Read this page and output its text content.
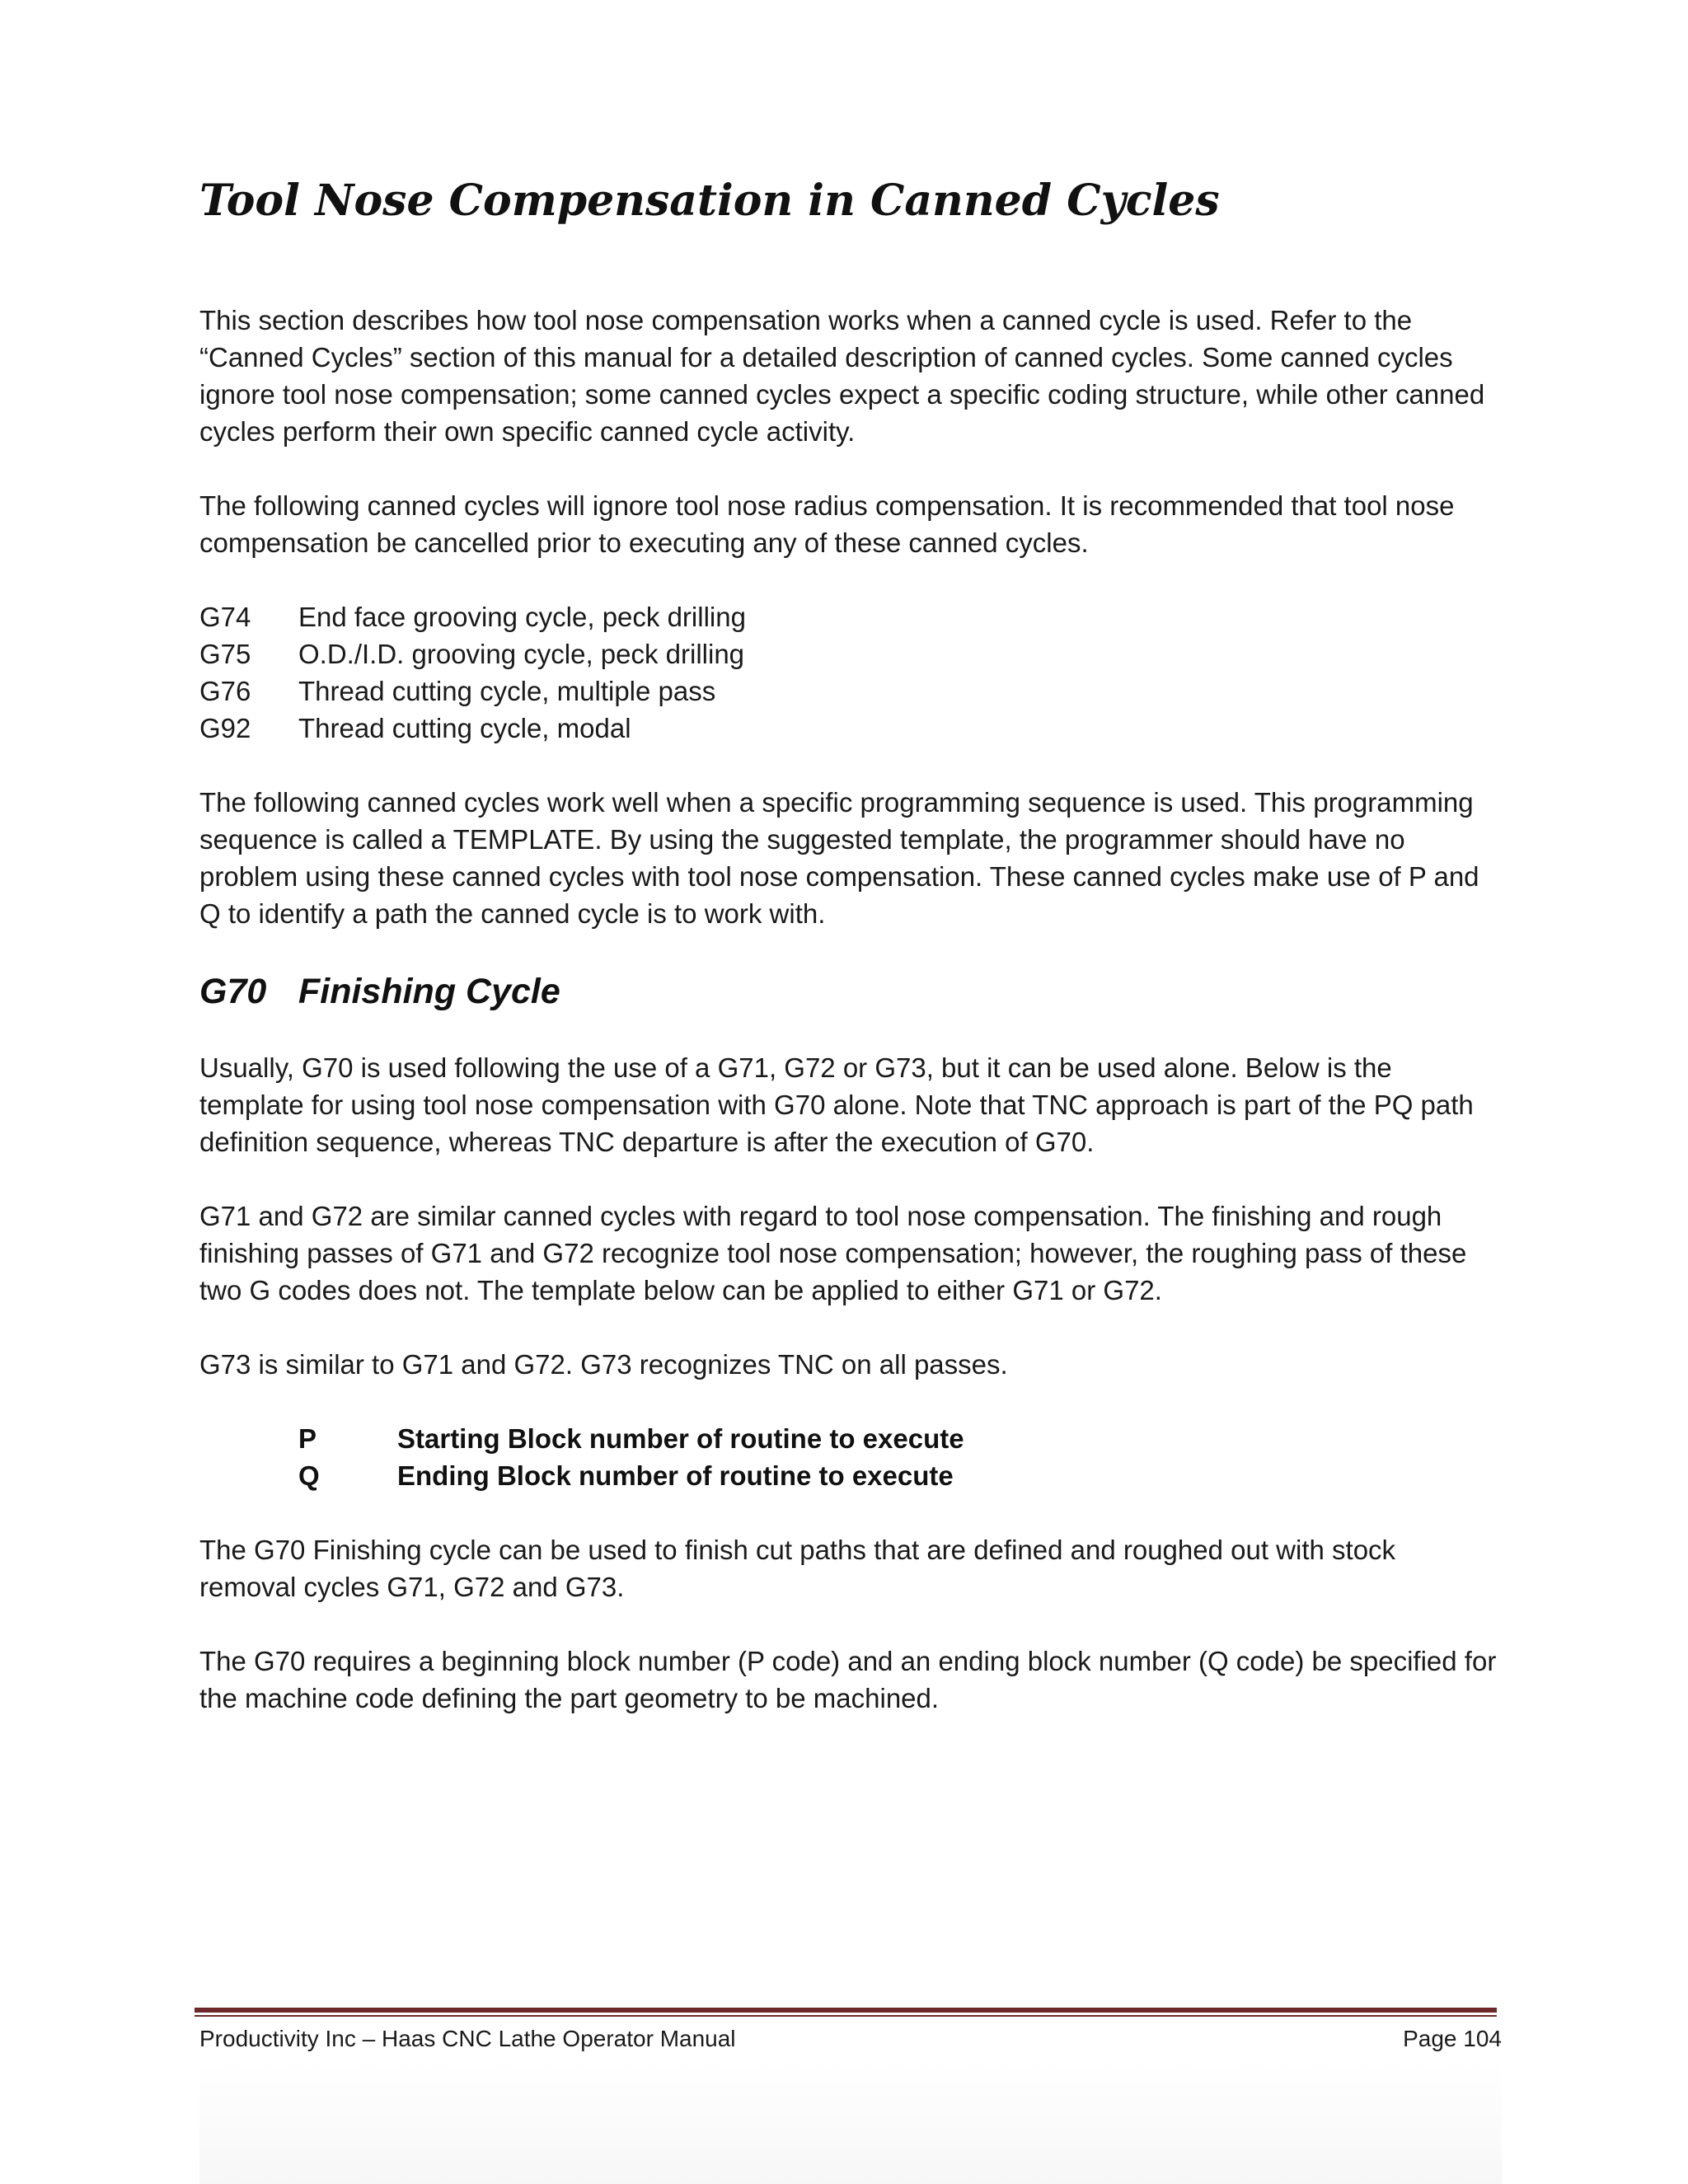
Tool Nose Compensation in Canned Cycles

This section describes how tool nose compensation works when a canned cycle is used. Refer to the “Canned Cycles” section of this manual for a detailed description of canned cycles. Some canned cycles ignore tool nose compensation; some canned cycles expect a specific coding structure, while other canned cycles perform their own specific canned cycle activity.

The following canned cycles will ignore tool nose radius compensation. It is recommended that tool nose compensation be cancelled prior to executing any of these canned cycles.

G74	End face grooving cycle, peck drilling
G75	O.D./I.D. grooving cycle, peck drilling
G76	Thread cutting cycle, multiple pass
G92	Thread cutting cycle, modal

The following canned cycles work well when a specific programming sequence is used. This programming sequence is called a TEMPLATE. By using the suggested template, the programmer should have no problem using these canned cycles with tool nose compensation. These canned cycles make use of P and Q to identify a path the canned cycle is to work with.

G70 Finishing Cycle

Usually, G70 is used following the use of a G71, G72 or G73, but it can be used alone. Below is the template for using tool nose compensation with G70 alone. Note that TNC approach is part of the PQ path definition sequence, whereas TNC departure is after the execution of G70.

G71 and G72 are similar canned cycles with regard to tool nose compensation. The finishing and rough finishing passes of G71 and G72 recognize tool nose compensation; however, the roughing pass of these two G codes does not. The template below can be applied to either G71 or G72.

G73 is similar to G71 and G72. G73 recognizes TNC on all passes.

P	Starting Block number of routine to execute
Q	Ending Block number of routine to execute

The G70 Finishing cycle can be used to finish cut paths that are defined and roughed out with stock removal cycles G71, G72 and G73.

The G70 requires a beginning block number (P code) and an ending block number (Q code) be specified for the machine code defining the part geometry to be machined.

Productivity Inc – Haas CNC Lathe Operator Manual	Page 104
